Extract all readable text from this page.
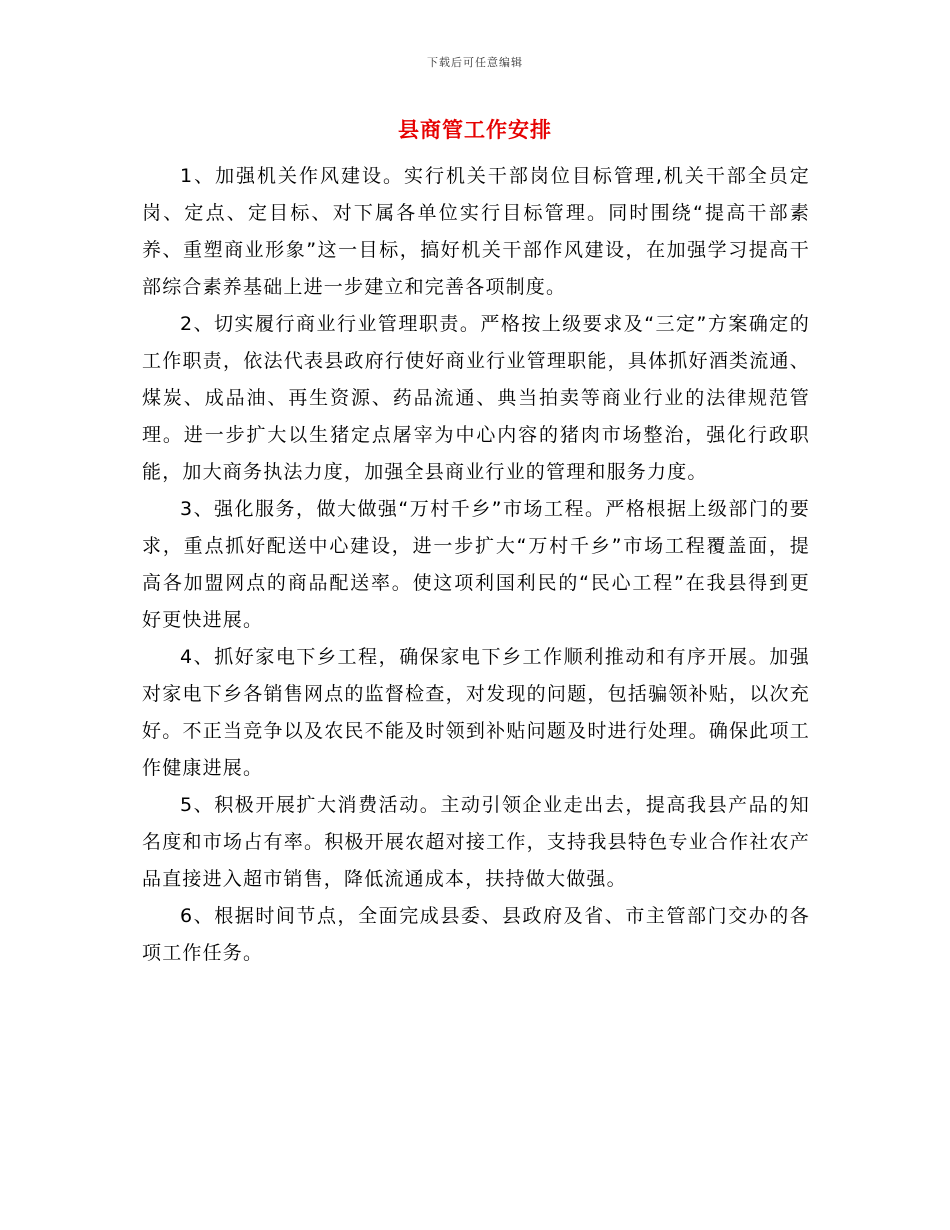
下载后可任意编辑
县商管工作安排

1、加强机关作风建设。实行机关干部岗位目标管理,机关干部全员定岗、定点、定目标、对下属各单位实行目标管理。同时围绕“提高干部素养、重塑商业形象”这一目标，搞好机关干部作风建设，在加强学习提高干部综合素养基础上进一步建立和完善各项制度。

2、切实履行商业行业管理职责。严格按上级要求及“三定”方案确定的工作职责，依法代表县政府行使好商业行业管理职能，具体抓好酒类流通、煤炭、成品油、再生资源、药品流通、典当拍卖等商业行业的法律规范管理。进一步扩大以生猪定点屠宰为中心内容的猪肉市场整治，强化行政职能，加大商务执法力度，加强全县商业行业的管理和服务力度。

3、强化服务，做大做强“万村千乡”市场工程。严格根据上级部门的要求，重点抓好配送中心建设，进一步扩大“万村千乡”市场工程覆盖面，提高各加盟网点的商品配送率。使这项利国利民的“民心工程”在我县得到更好更快进展。

4、抓好家电下乡工程，确保家电下乡工作顺利推动和有序开展。加强对家电下乡各销售网点的监督检查，对发现的问题，包括骗领补贴，以次充好。不正当竞争以及农民不能及时领到补贴问题及时进行处理。确保此项工作健康进展。

5、积极开展扩大消费活动。主动引领企业走出去，提高我县产品的知名度和市场占有率。积极开展农超对接工作，支持我县特色专业合作社农产品直接进入超市销售，降低流通成本，扶持做大做强。

6、根据时间节点，全面完成县委、县政府及省、市主管部门交办的各项工作任务。
